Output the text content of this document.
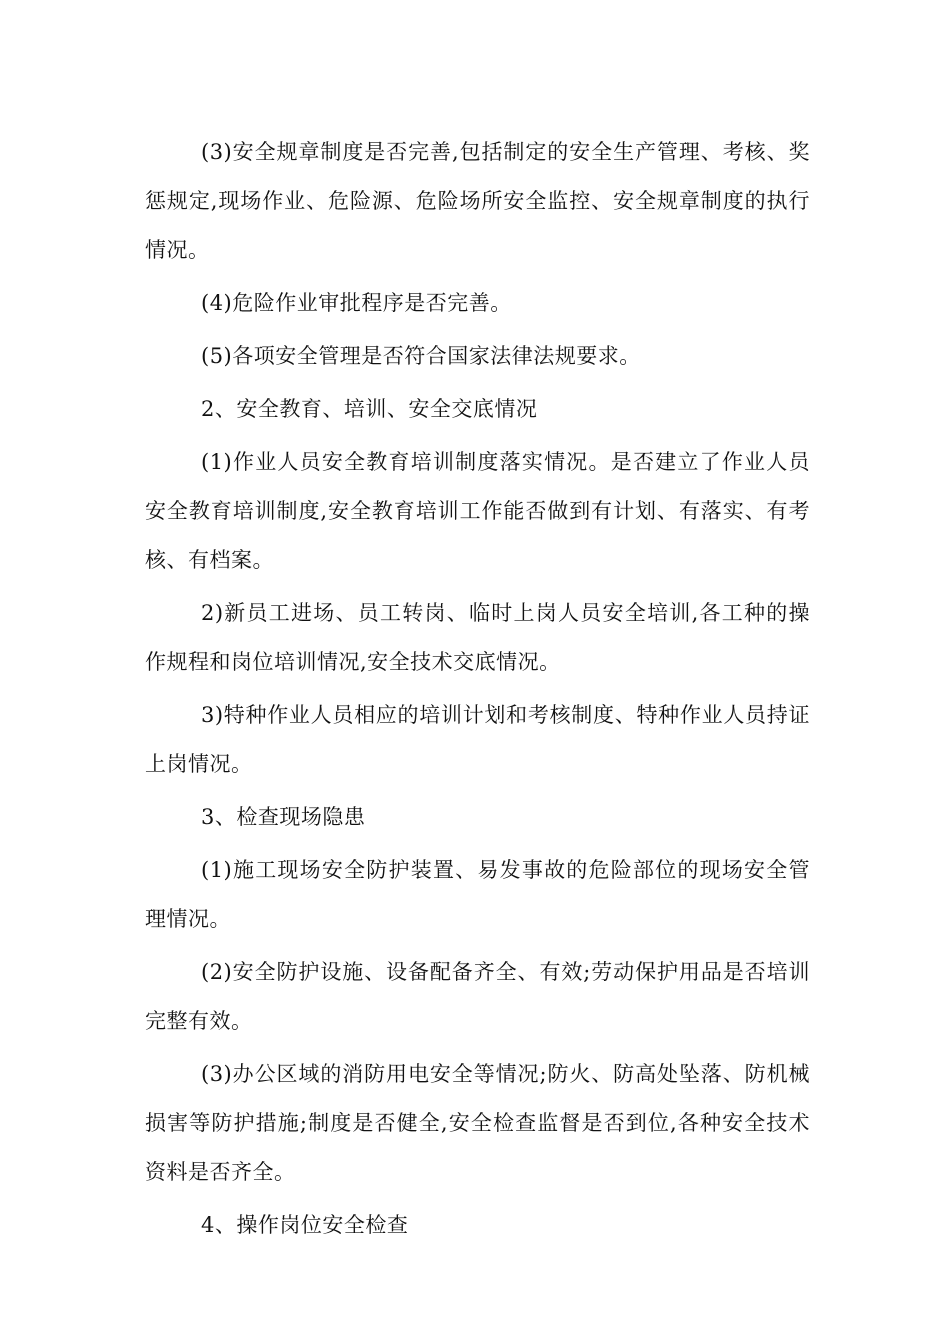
(3)安全规章制度是否完善,包括制定的安全生产管理、考核、奖惩规定,现场作业、危险源、危险场所安全监控、安全规章制度的执行情况。

(4)危险作业审批程序是否完善。

(5)各项安全管理是否符合国家法律法规要求。

2、安全教育、培训、安全交底情况

(1)作业人员安全教育培训制度落实情况。是否建立了作业人员安全教育培训制度,安全教育培训工作能否做到有计划、有落实、有考核、有档案。

2)新员工进场、员工转岗、临时上岗人员安全培训,各工种的操作规程和岗位培训情况,安全技术交底情况。

3)特种作业人员相应的培训计划和考核制度、特种作业人员持证上岗情况。

3、检查现场隐患

(1)施工现场安全防护装置、易发事故的危险部位的现场安全管理情况。

(2)安全防护设施、设备配备齐全、有效;劳动保护用品是否培训完整有效。

(3)办公区域的消防用电安全等情况;防火、防高处坠落、防机械损害等防护措施;制度是否健全,安全检查监督是否到位,各种安全技术资料是否齐全。

4、操作岗位安全检查
